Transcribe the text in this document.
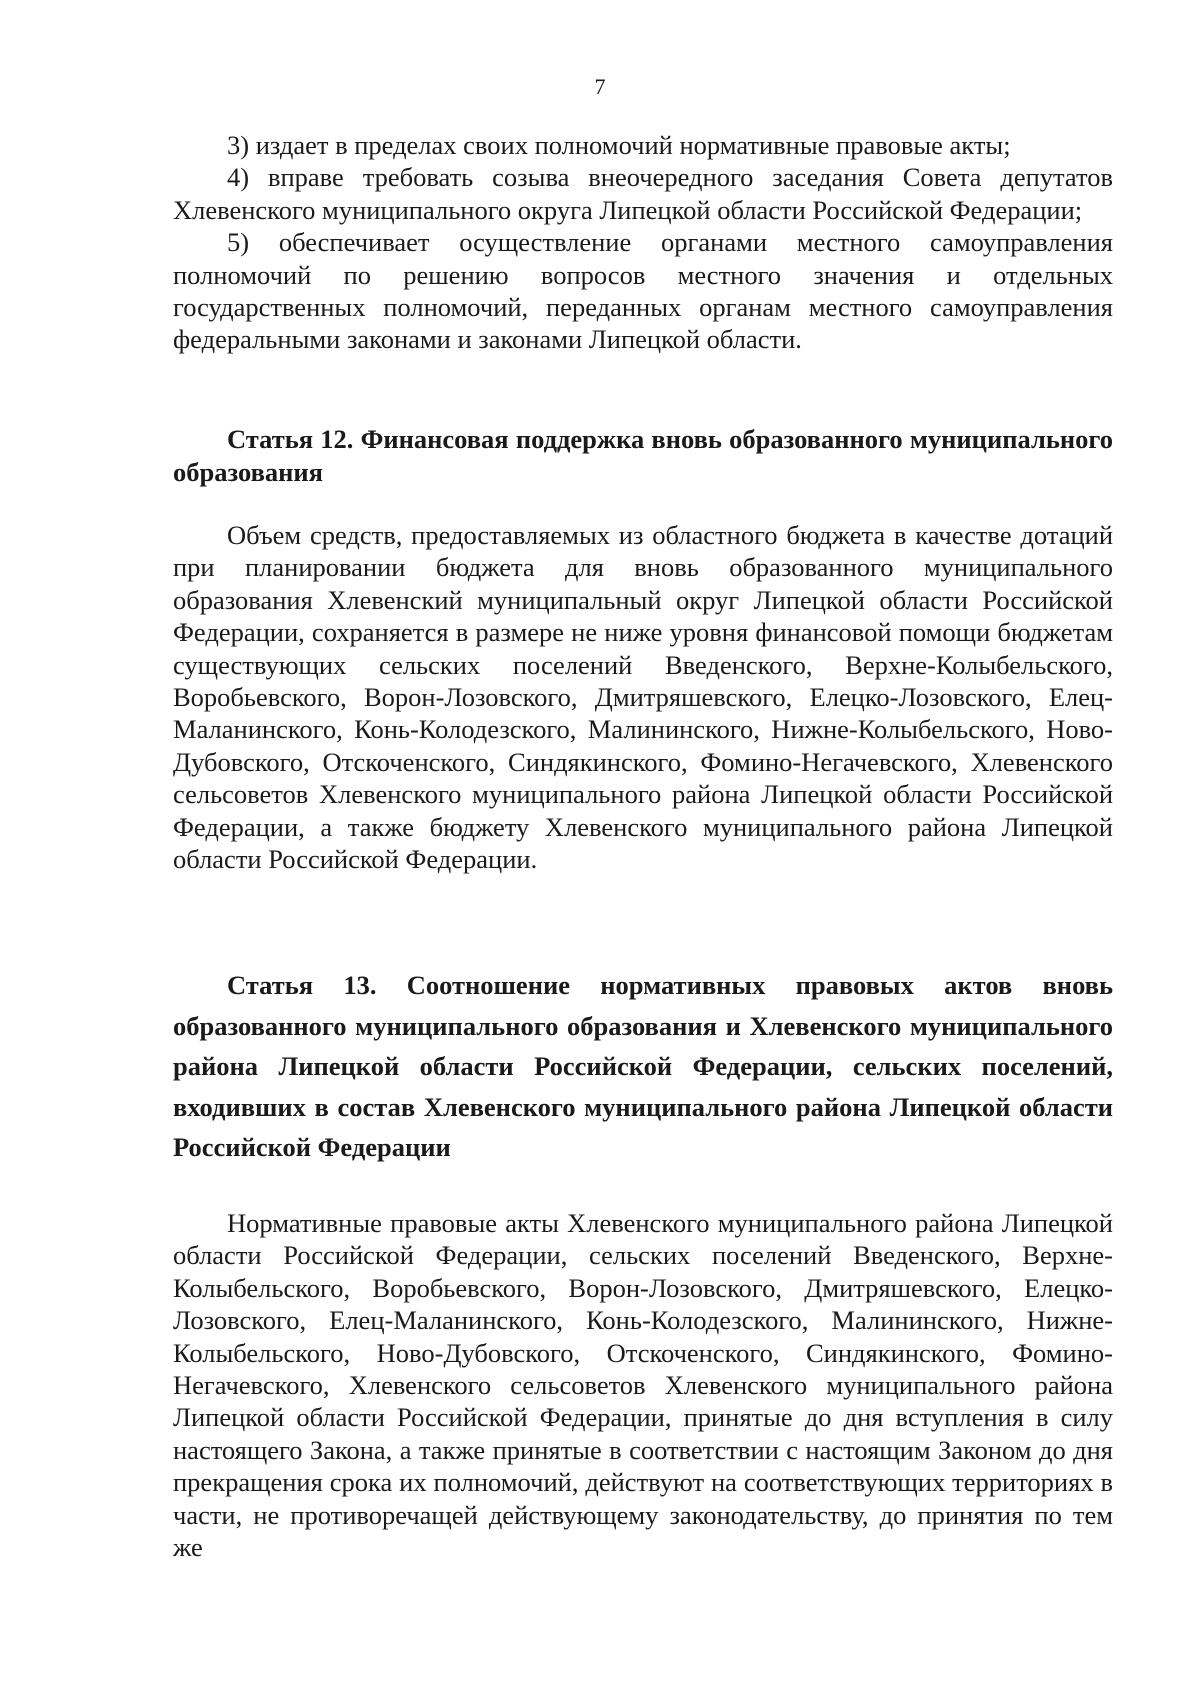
7

3) издает в пределах своих полномочий нормативные правовые акты;

4) вправе требовать созыва внеочередного заседания Совета депутатов Хлевенского муниципального округа Липецкой области Российской Федерации;

5) обеспечивает осуществление органами местного самоуправления полномочий по решению вопросов местного значения и отдельных государственных полномочий, переданных органам местного самоуправления федеральными законами и законами Липецкой области.

Статья 12. Финансовая поддержка вновь образованного муниципального образования

Объем средств, предоставляемых из областного бюджета в качестве дотаций при планировании бюджета для вновь образованного муниципального образования Хлевенский муниципальный округ Липецкой области Российской Федерации, сохраняется в размере не ниже уровня финансовой помощи бюджетам существующих сельских поселений Введенского, Верхне-Колыбельского, Воробьевского, Ворон-Лозовского, Дмитряшевского, Елецко-Лозовского, Елец-Маланинского, Конь-Колодезского, Малининского, Нижне-Колыбельского, Ново-Дубовского, Отскоченского, Синдякинского, Фомино-Негачевского, Хлевенского сельсоветов Хлевенского муниципального района Липецкой области Российской Федерации, а также бюджету Хлевенского муниципального района Липецкой области Российской Федерации.

Статья 13. Соотношение нормативных правовых актов вновь образованного муниципального образования и Хлевенского муниципального района Липецкой области Российской Федерации, сельских поселений, входивших в состав Хлевенского муниципального района Липецкой области Российской Федерации

Нормативные правовые акты Хлевенского муниципального района Липецкой области Российской Федерации, сельских поселений Введенского, Верхне-Колыбельского, Воробьевского, Ворон-Лозовского, Дмитряшевского, Елецко-Лозовского, Елец-Маланинского, Конь-Колодезского, Малининского, Нижне-Колыбельского, Ново-Дубовского, Отскоченского, Синдякинского, Фомино-Негачевского, Хлевенского сельсоветов Хлевенского муниципального района Липецкой области Российской Федерации, принятые до дня вступления в силу настоящего Закона, а также принятые в соответствии с настоящим Законом до дня прекращения срока их полномочий, действуют на соответствующих территориях в части, не противоречащей действующему законодательству, до принятия по тем же
